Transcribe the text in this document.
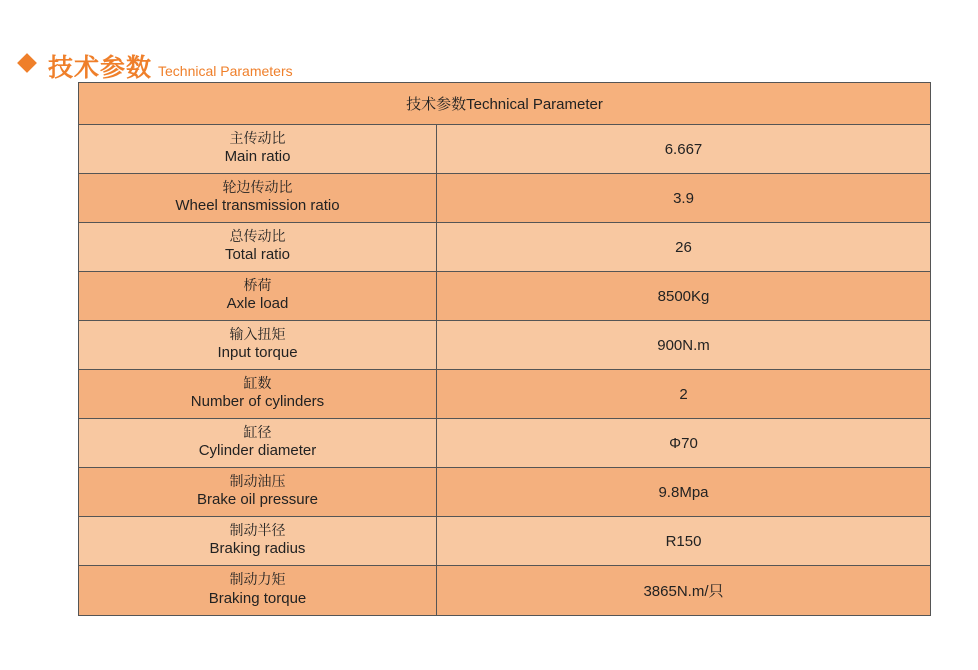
技术参数 Technical Parameters
技术参数Technical Parameter
主传动比
Main ratio	6.667
轮边传动比
Wheel transmission ratio	3.9
总传动比
Total ratio	26
桥荷
Axle load	8500Kg
输入扭矩
Input torque	900N.m
缸数
Number of cylinders	2
缸径
Cylinder diameter	Φ70
制动油压
Brake oil pressure	9.8Mpa
制动半径
Braking radius	R150
制动力矩
Braking torque	3865N.m/只
